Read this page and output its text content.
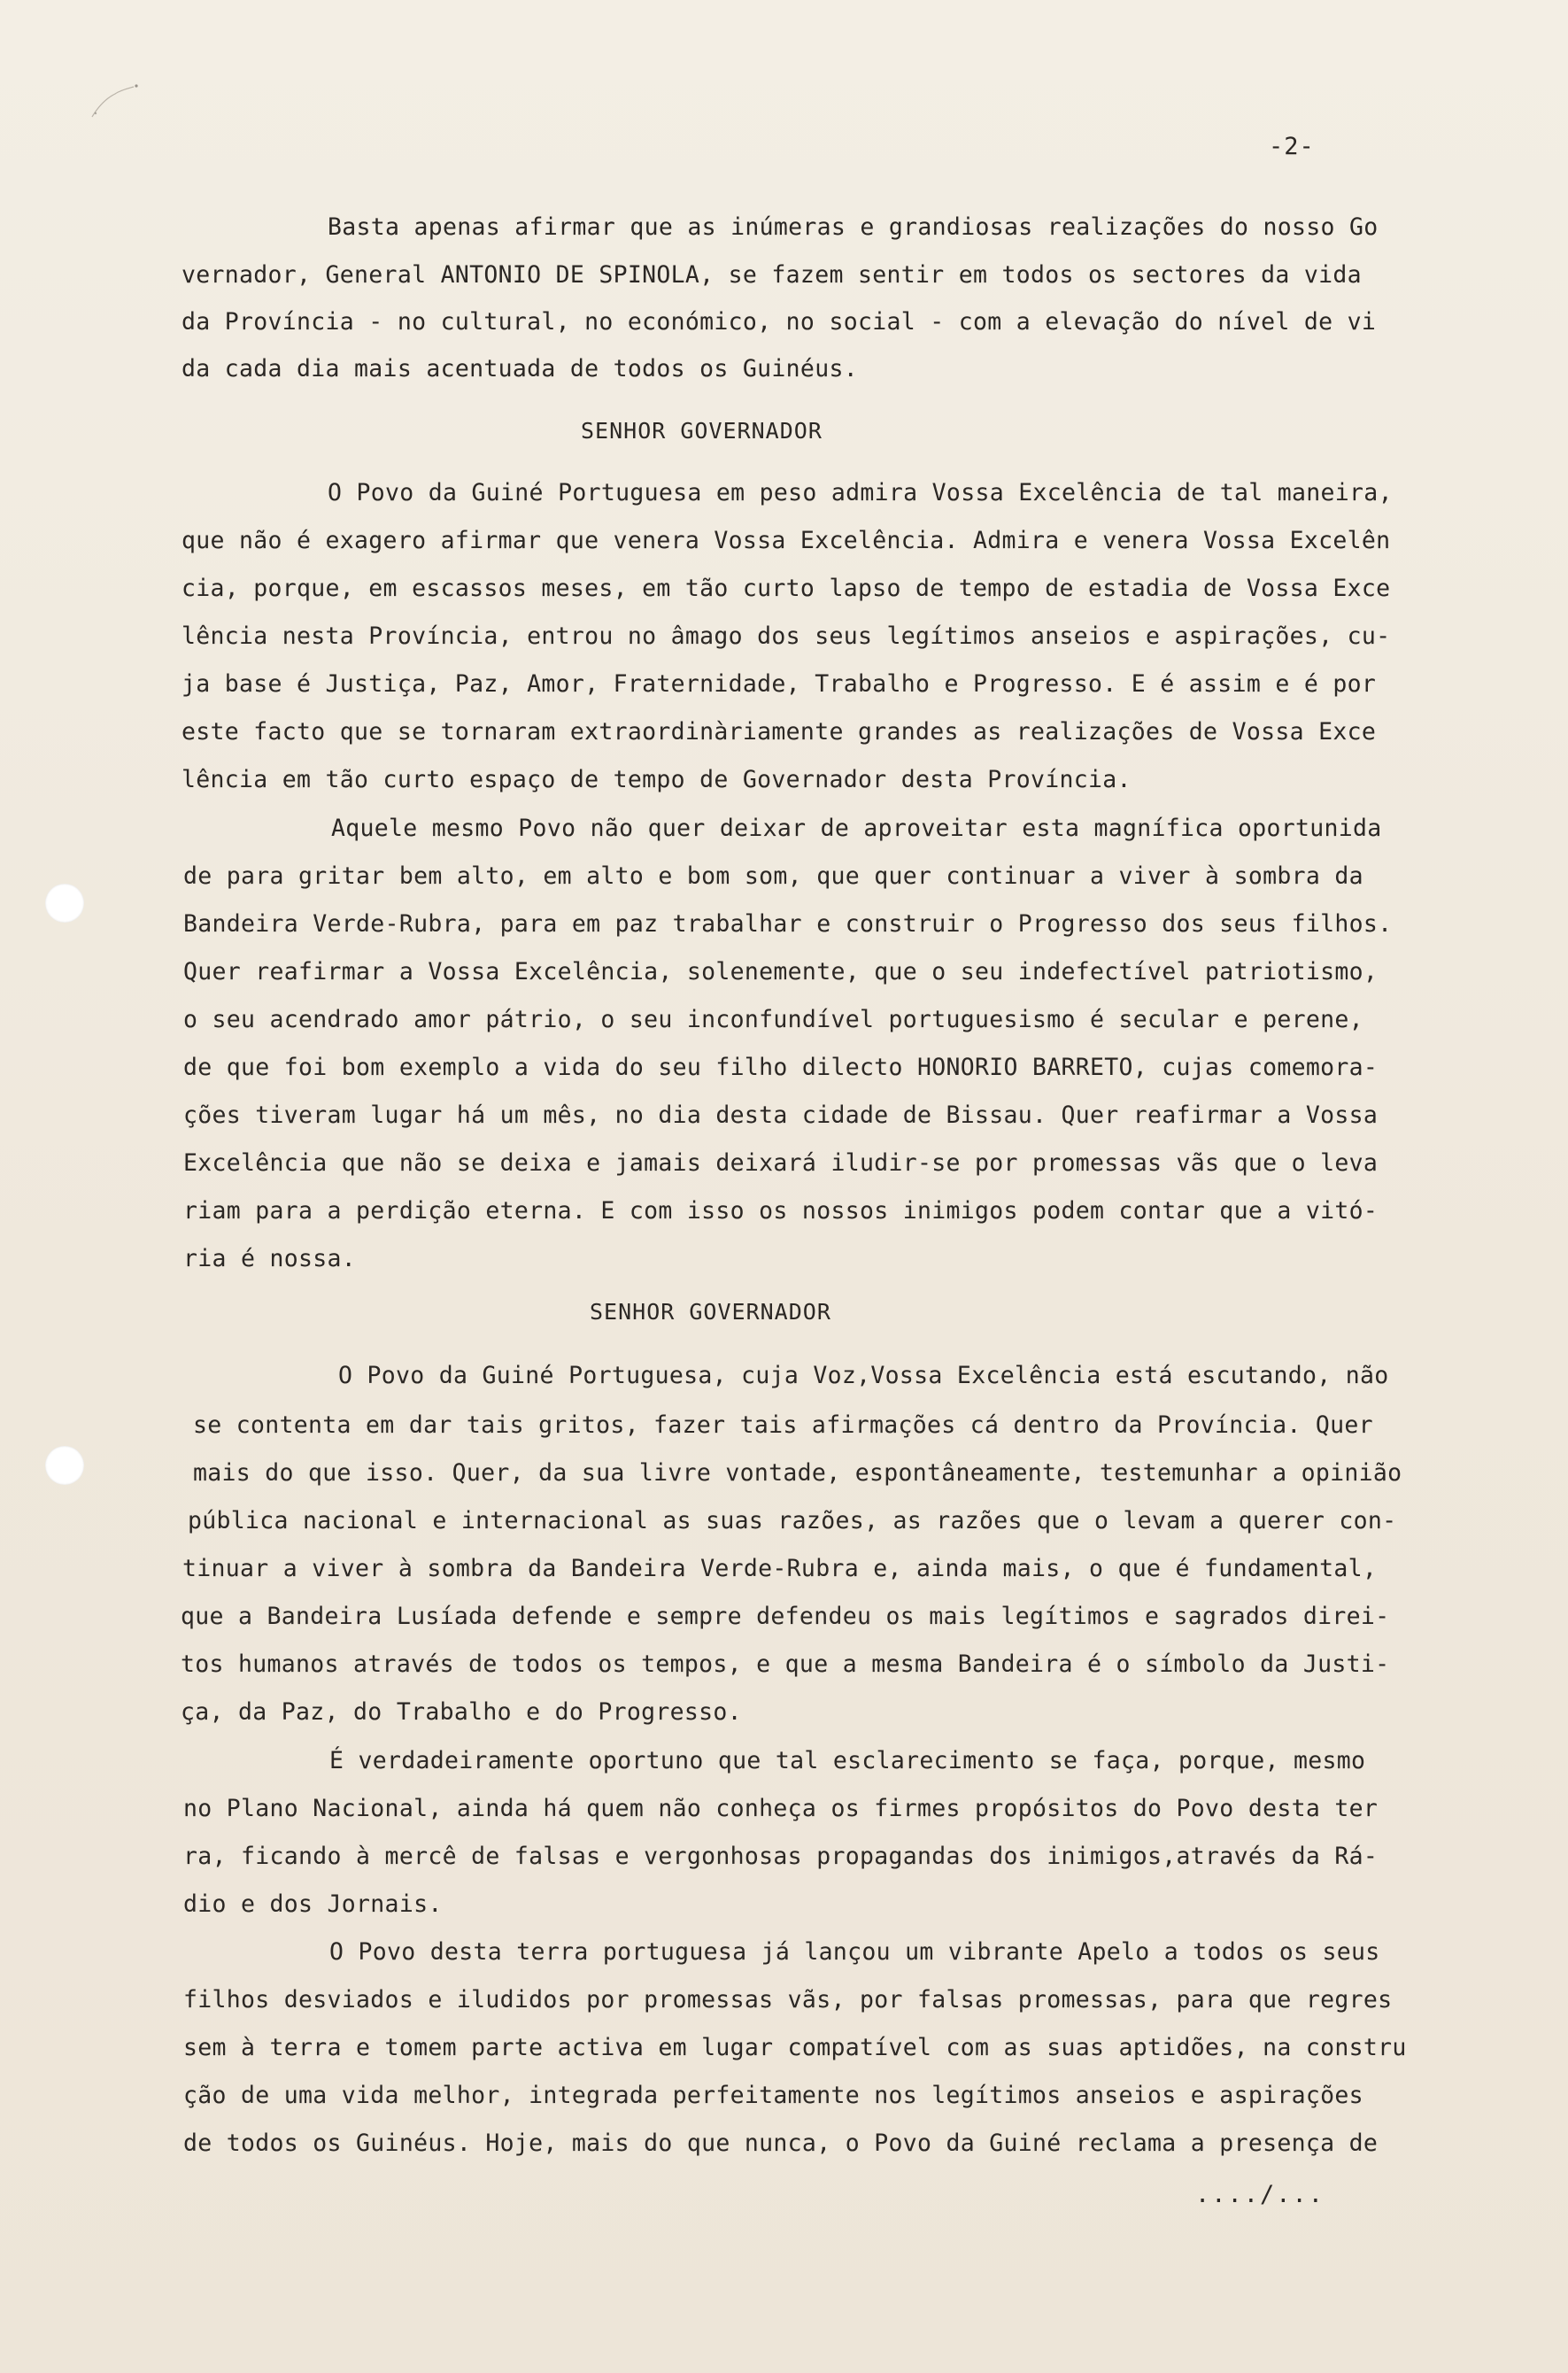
-2-
Basta apenas afirmar que as inúmeras e grandiosas realizações do nosso Go
vernador, General ANTONIO DE SPINOLA, se fazem sentir em todos os sectores da vida
da Província - no cultural, no económico, no social - com a elevação do nível de vi
da cada dia mais acentuada de todos os Guinéus.
SENHOR GOVERNADOR
O Povo da Guiné Portuguesa em peso admira Vossa Excelência de tal maneira,
que não é exagero afirmar que venera Vossa Excelência. Admira e venera Vossa Excelên
cia, porque, em escassos meses, em tão curto lapso de tempo de estadia de Vossa Exce
lência nesta Província, entrou no âmago dos seus legítimos anseios e aspirações, cu-
ja base é Justiça, Paz, Amor, Fraternidade, Trabalho e Progresso. E é assim e é por
este facto que se tornaram extraordinàriamente grandes as realizações de Vossa Exce
lência em tão curto espaço de tempo de Governador desta Província.
Aquele mesmo Povo não quer deixar de aproveitar esta magnífica oportunida
de para gritar bem alto, em alto e bom som, que quer continuar a viver à sombra da
Bandeira Verde-Rubra, para em paz trabalhar e construir o Progresso dos seus filhos.
Quer reafirmar a Vossa Excelência, solenemente, que o seu indefectível patriotismo,
o seu acendrado amor pátrio, o seu inconfundível portuguesismo é secular e perene,
de que foi bom exemplo a vida do seu filho dilecto HONORIO BARRETO, cujas comemora-
ções tiveram lugar há um mês, no dia desta cidade de Bissau. Quer reafirmar a Vossa
Excelência que não se deixa e jamais deixará iludir-se por promessas vãs que o leva
riam para a perdição eterna. E com isso os nossos inimigos podem contar que a vitó-
ria é nossa.
SENHOR GOVERNADOR
O Povo da Guiné Portuguesa, cuja Voz,Vossa Excelência está escutando, não
se contenta em dar tais gritos, fazer tais afirmações cá dentro da Província. Quer
mais do que isso. Quer, da sua livre vontade, espontâneamente, testemunhar a opinião
pública nacional e internacional as suas razões, as razões que o levam a querer con-
tinuar a viver à sombra da Bandeira Verde-Rubra e, ainda mais, o que é fundamental,
que a Bandeira Lusíada defende e sempre defendeu os mais legítimos e sagrados direi-
tos humanos através de todos os tempos, e que a mesma Bandeira é o símbolo da Justi-
ça, da Paz, do Trabalho e do Progresso.
É verdadeiramente oportuno que tal esclarecimento se faça, porque, mesmo
no Plano Nacional, ainda há quem não conheça os firmes propósitos do Povo desta ter
ra, ficando à mercê de falsas e vergonhosas propagandas dos inimigos,através da Rá-
dio e dos Jornais.
O Povo desta terra portuguesa já lançou um vibrante Apelo a todos os seus
filhos desviados e iludidos por promessas vãs, por falsas promessas, para que regres
sem à terra e tomem parte activa em lugar compatível com as suas aptidões, na constru
ção de uma vida melhor, integrada perfeitamente nos legítimos anseios e aspirações
de todos os Guinéus. Hoje, mais do que nunca, o Povo da Guiné reclama a presença de
..../...
